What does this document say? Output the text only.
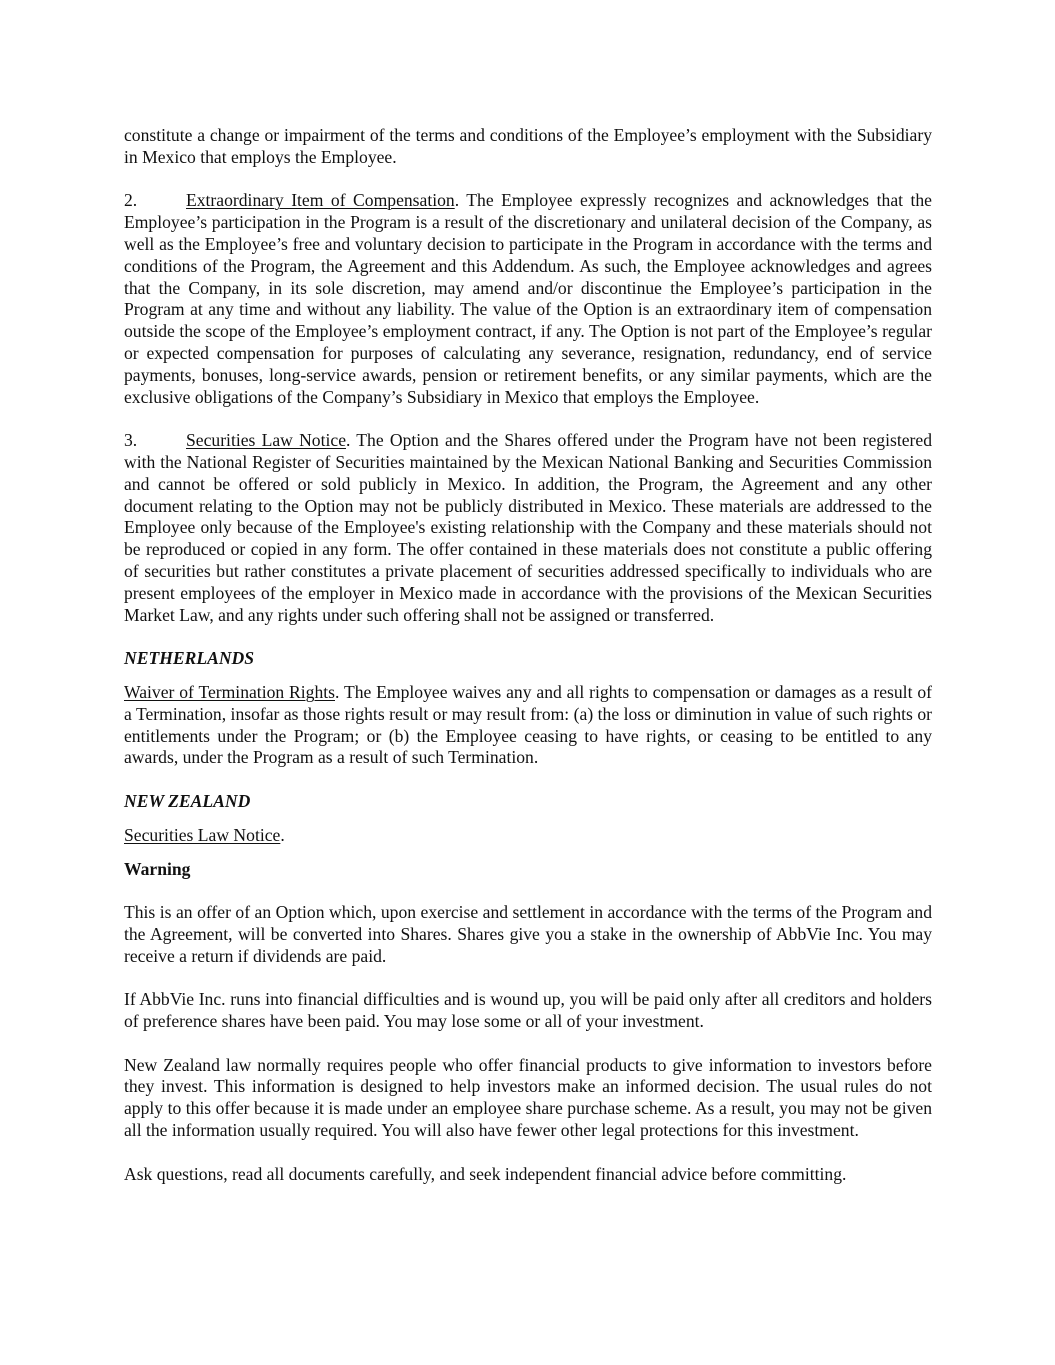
constitute a change or impairment of the terms and conditions of the Employee’s employment with the Subsidiary in Mexico that employs the Employee.

2.	Extraordinary Item of Compensation. The Employee expressly recognizes and acknowledges that the Employee’s participation in the Program is a result of the discretionary and unilateral decision of the Company, as well as the Employee’s free and voluntary decision to participate in the Program in accordance with the terms and conditions of the Program, the Agreement and this Addendum. As such, the Employee acknowledges and agrees that the Company, in its sole discretion, may amend and/or discontinue the Employee’s participation in the Program at any time and without any liability. The value of the Option is an extraordinary item of compensation outside the scope of the Employee’s employment contract, if any. The Option is not part of the Employee’s regular or expected compensation for purposes of calculating any severance, resignation, redundancy, end of service payments, bonuses, long-service awards, pension or retirement benefits, or any similar payments, which are the exclusive obligations of the Company’s Subsidiary in Mexico that employs the Employee.

3.	Securities Law Notice. The Option and the Shares offered under the Program have not been registered with the National Register of Securities maintained by the Mexican National Banking and Securities Commission and cannot be offered or sold publicly in Mexico. In addition, the Program, the Agreement and any other document relating to the Option may not be publicly distributed in Mexico. These materials are addressed to the Employee only because of the Employee's existing relationship with the Company and these materials should not be reproduced or copied in any form. The offer contained in these materials does not constitute a public offering of securities but rather constitutes a private placement of securities addressed specifically to individuals who are present employees of the employer in Mexico made in accordance with the provisions of the Mexican Securities Market Law, and any rights under such offering shall not be assigned or transferred.

NETHERLANDS

Waiver of Termination Rights. The Employee waives any and all rights to compensation or damages as a result of a Termination, insofar as those rights result or may result from: (a) the loss or diminution in value of such rights or entitlements under the Program; or (b) the Employee ceasing to have rights, or ceasing to be entitled to any awards, under the Program as a result of such Termination.

NEW ZEALAND

Securities Law Notice.

Warning

This is an offer of an Option which, upon exercise and settlement in accordance with the terms of the Program and the Agreement, will be converted into Shares. Shares give you a stake in the ownership of AbbVie Inc. You may receive a return if dividends are paid.

If AbbVie Inc. runs into financial difficulties and is wound up, you will be paid only after all creditors and holders of preference shares have been paid. You may lose some or all of your investment.

New Zealand law normally requires people who offer financial products to give information to investors before they invest. This information is designed to help investors make an informed decision. The usual rules do not apply to this offer because it is made under an employee share purchase scheme. As a result, you may not be given all the information usually required. You will also have fewer other legal protections for this investment.

Ask questions, read all documents carefully, and seek independent financial advice before committing.
